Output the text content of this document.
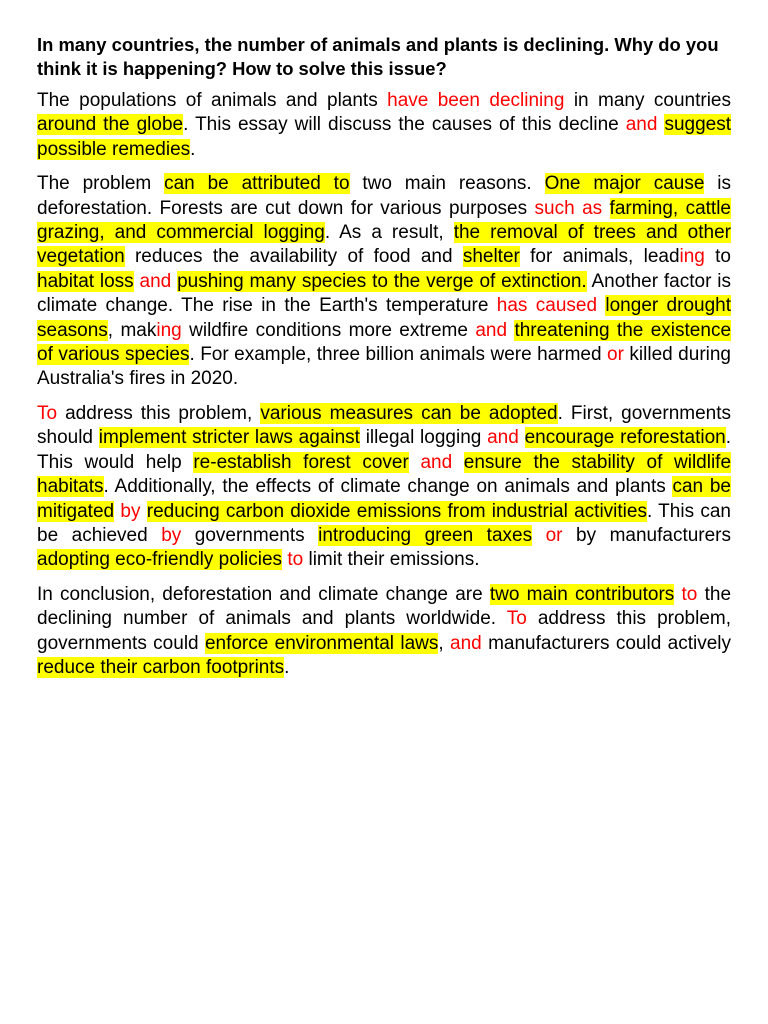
In many countries, the number of animals and plants is declining. Why do you think it is happening? How to solve this issue?

The populations of animals and plants have been declining in many countries around the globe. This essay will discuss the causes of this decline and suggest possible remedies.

The problem can be attributed to two main reasons. One major cause is deforestation. Forests are cut down for various purposes such as farming, cattle grazing, and commercial logging. As a result, the removal of trees and other vegetation reduces the availability of food and shelter for animals, leading to habitat loss and pushing many species to the verge of extinction. Another factor is climate change. The rise in the Earth's temperature has caused longer drought seasons, making wildfire conditions more extreme and threatening the existence of various species. For example, three billion animals were harmed or killed during Australia's fires in 2020.

To address this problem, various measures can be adopted. First, governments should implement stricter laws against illegal logging and encourage reforestation. This would help re-establish forest cover and ensure the stability of wildlife habitats. Additionally, the effects of climate change on animals and plants can be mitigated by reducing carbon dioxide emissions from industrial activities. This can be achieved by governments introducing green taxes or by manufacturers adopting eco-friendly policies to limit their emissions.

In conclusion, deforestation and climate change are two main contributors to the declining number of animals and plants worldwide. To address this problem, governments could enforce environmental laws, and manufacturers could actively reduce their carbon footprints.
